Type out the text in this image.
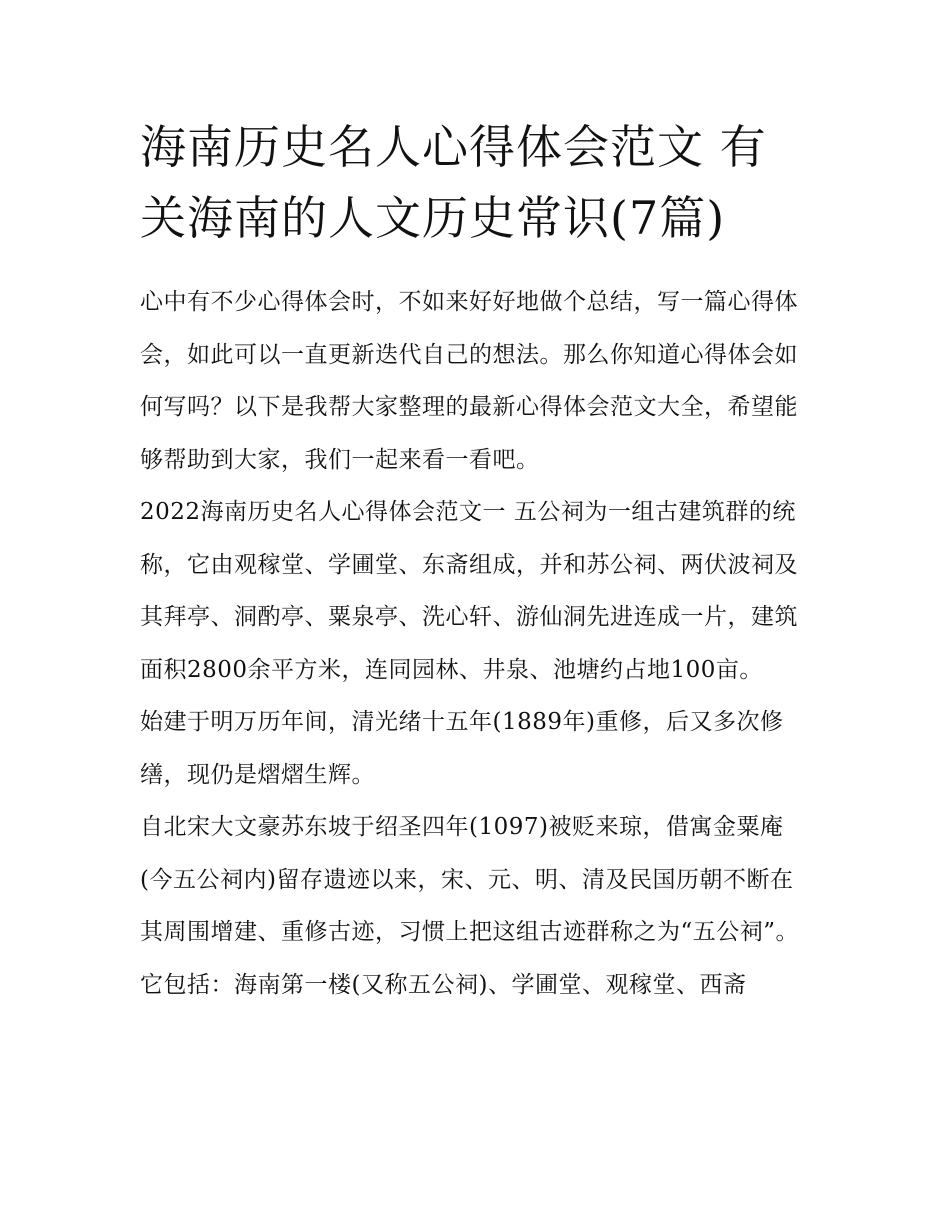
海南历史名人心得体会范文 有关海南的人文历史常识(7篇)

心中有不少心得体会时，不如来好好地做个总结，写一篇心得体会，如此可以一直更新迭代自己的想法。那么你知道心得体会如何写吗？以下是我帮大家整理的最新心得体会范文大全，希望能够帮助到大家，我们一起来看一看吧。

2022海南历史名人心得体会范文一 五公祠为一组古建筑群的统称，它由观稼堂、学圃堂、东斋组成，并和苏公祠、两伏波祠及其拜亭、洞酌亭、粟泉亭、洗心轩、游仙洞先进连成一片，建筑面积2800余平方米，连同园林、井泉、池塘约占地100亩。

始建于明万历年间，清光绪十五年(1889年)重修，后又多次修缮，现仍是熠熠生辉。

自北宋大文豪苏东坡于绍圣四年(1097)被贬来琼，借寓金粟庵(今五公祠内)留存遗迹以来，宋、元、明、清及民国历朝不断在其周围增建、重修古迹，习惯上把这组古迹群称之为“五公祠”。

它包括：海南第一楼(又称五公祠)、学圃堂、观稼堂、西斋
